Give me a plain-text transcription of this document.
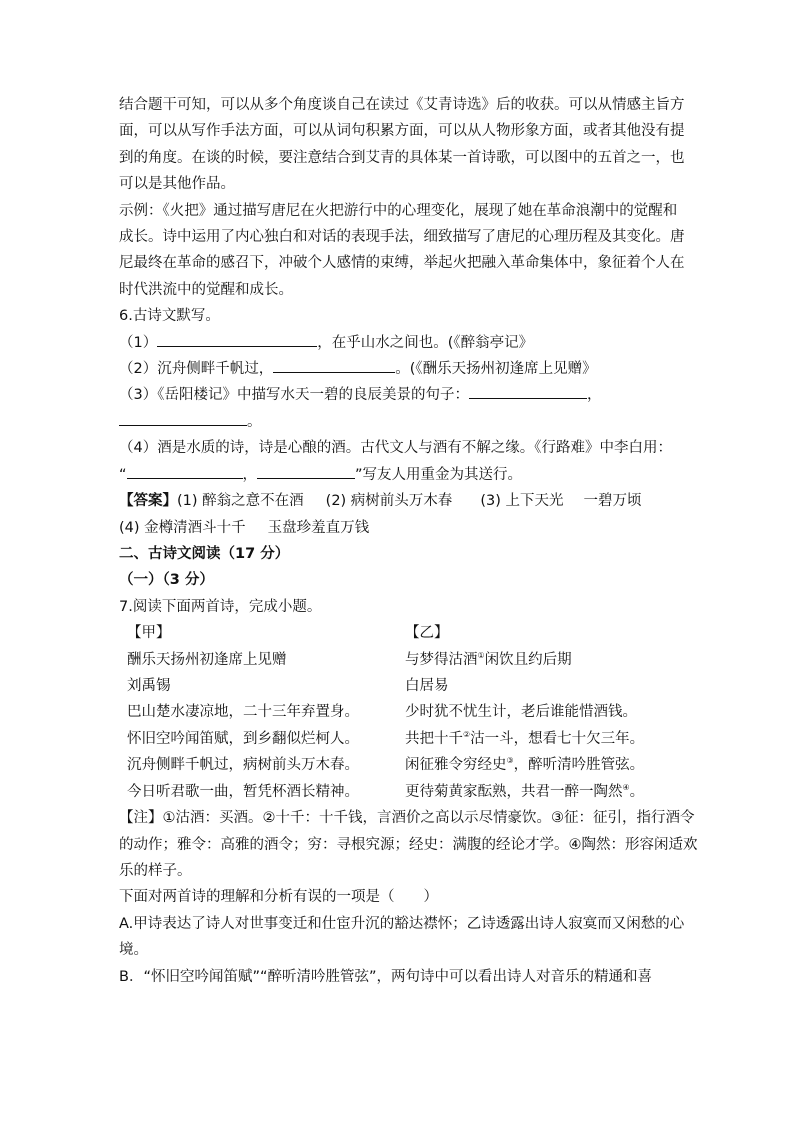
结合题干可知，可以从多个角度谈自己在读过《艾青诗选》后的收获。可以从情感主旨方

面，可以从写作手法方面，可以从词句积累方面，可以从人物形象方面，或者其他没有提

到的角度。在谈的时候，要注意结合到艾青的具体某一首诗歌，可以图中的五首之一，也

可以是其他作品。

示例：《火把》通过描写唐尼在火把游行中的心理变化，展现了她在革命浪潮中的觉醒和

成长。诗中运用了内心独白和对话的表现手法，细致描写了唐尼的心理历程及其变化。唐

尼最终在革命的感召下，冲破个人感情的束缚，举起火把融入革命集体中，象征着个人在

时代洪流中的觉醒和成长。

6.古诗文默写。

（1）	，在乎山水之间也。(《醉翁亭记》

（2）沉舟侧畔千帆过，	。(《酬乐天扬州初逢席上见赠》

（3）《岳阳楼记》中描写水天一碧的良辰美景的句子：	，

。

（4）酒是水质的诗，诗是心酿的酒。古代文人与酒有不解之缘。《行路难》中李白用：

“	，	”写友人用重金为其送行。

【答案】(1) 醉翁之意不在酒 (2) 病树前头万木春 (3) 上下天光 一碧万顷

(4) 金樽清酒斗十千 玉盘珍羞直万钱

二、古诗文阅读（17 分）

（一）（3 分）

7.阅读下面两首诗，完成小题。

【甲】

酬乐天扬州初逢席上见赠

刘禹锡

巴山楚水凄凉地，二十三年弃置身。

怀旧空吟闻笛赋，到乡翻似烂柯人。

沉舟侧畔千帆过，病树前头万木春。

今日听君歌一曲，暂凭杯酒长精神。

【乙】

与梦得沽酒①闲饮且约后期

白居易

少时犹不忧生计，老后谁能惜酒钱。

共把十千②沽一斗，想看七十欠三年。

闲征雅令穷经史③，醉听清吟胜管弦。

更待菊黄家酝熟，共君一醉一陶然④。

【注】①沽酒：买酒。②十千：十千钱，言酒价之高以示尽情豪饮。③征：征引，指行酒令

的动作；雅令：高雅的酒令；穷：寻根究源；经史：满腹的经论才学。④陶然：形容闲适欢

乐的样子。

下面对两首诗的理解和分析有误的一项是（　　）

A.甲诗表达了诗人对世事变迁和仕宦升沉的豁达襟怀；乙诗透露出诗人寂寞而又闲愁的心

境。

B．“怀旧空吟闻笛赋”“醉听清吟胜管弦”，两句诗中可以看出诗人对音乐的精通和喜
